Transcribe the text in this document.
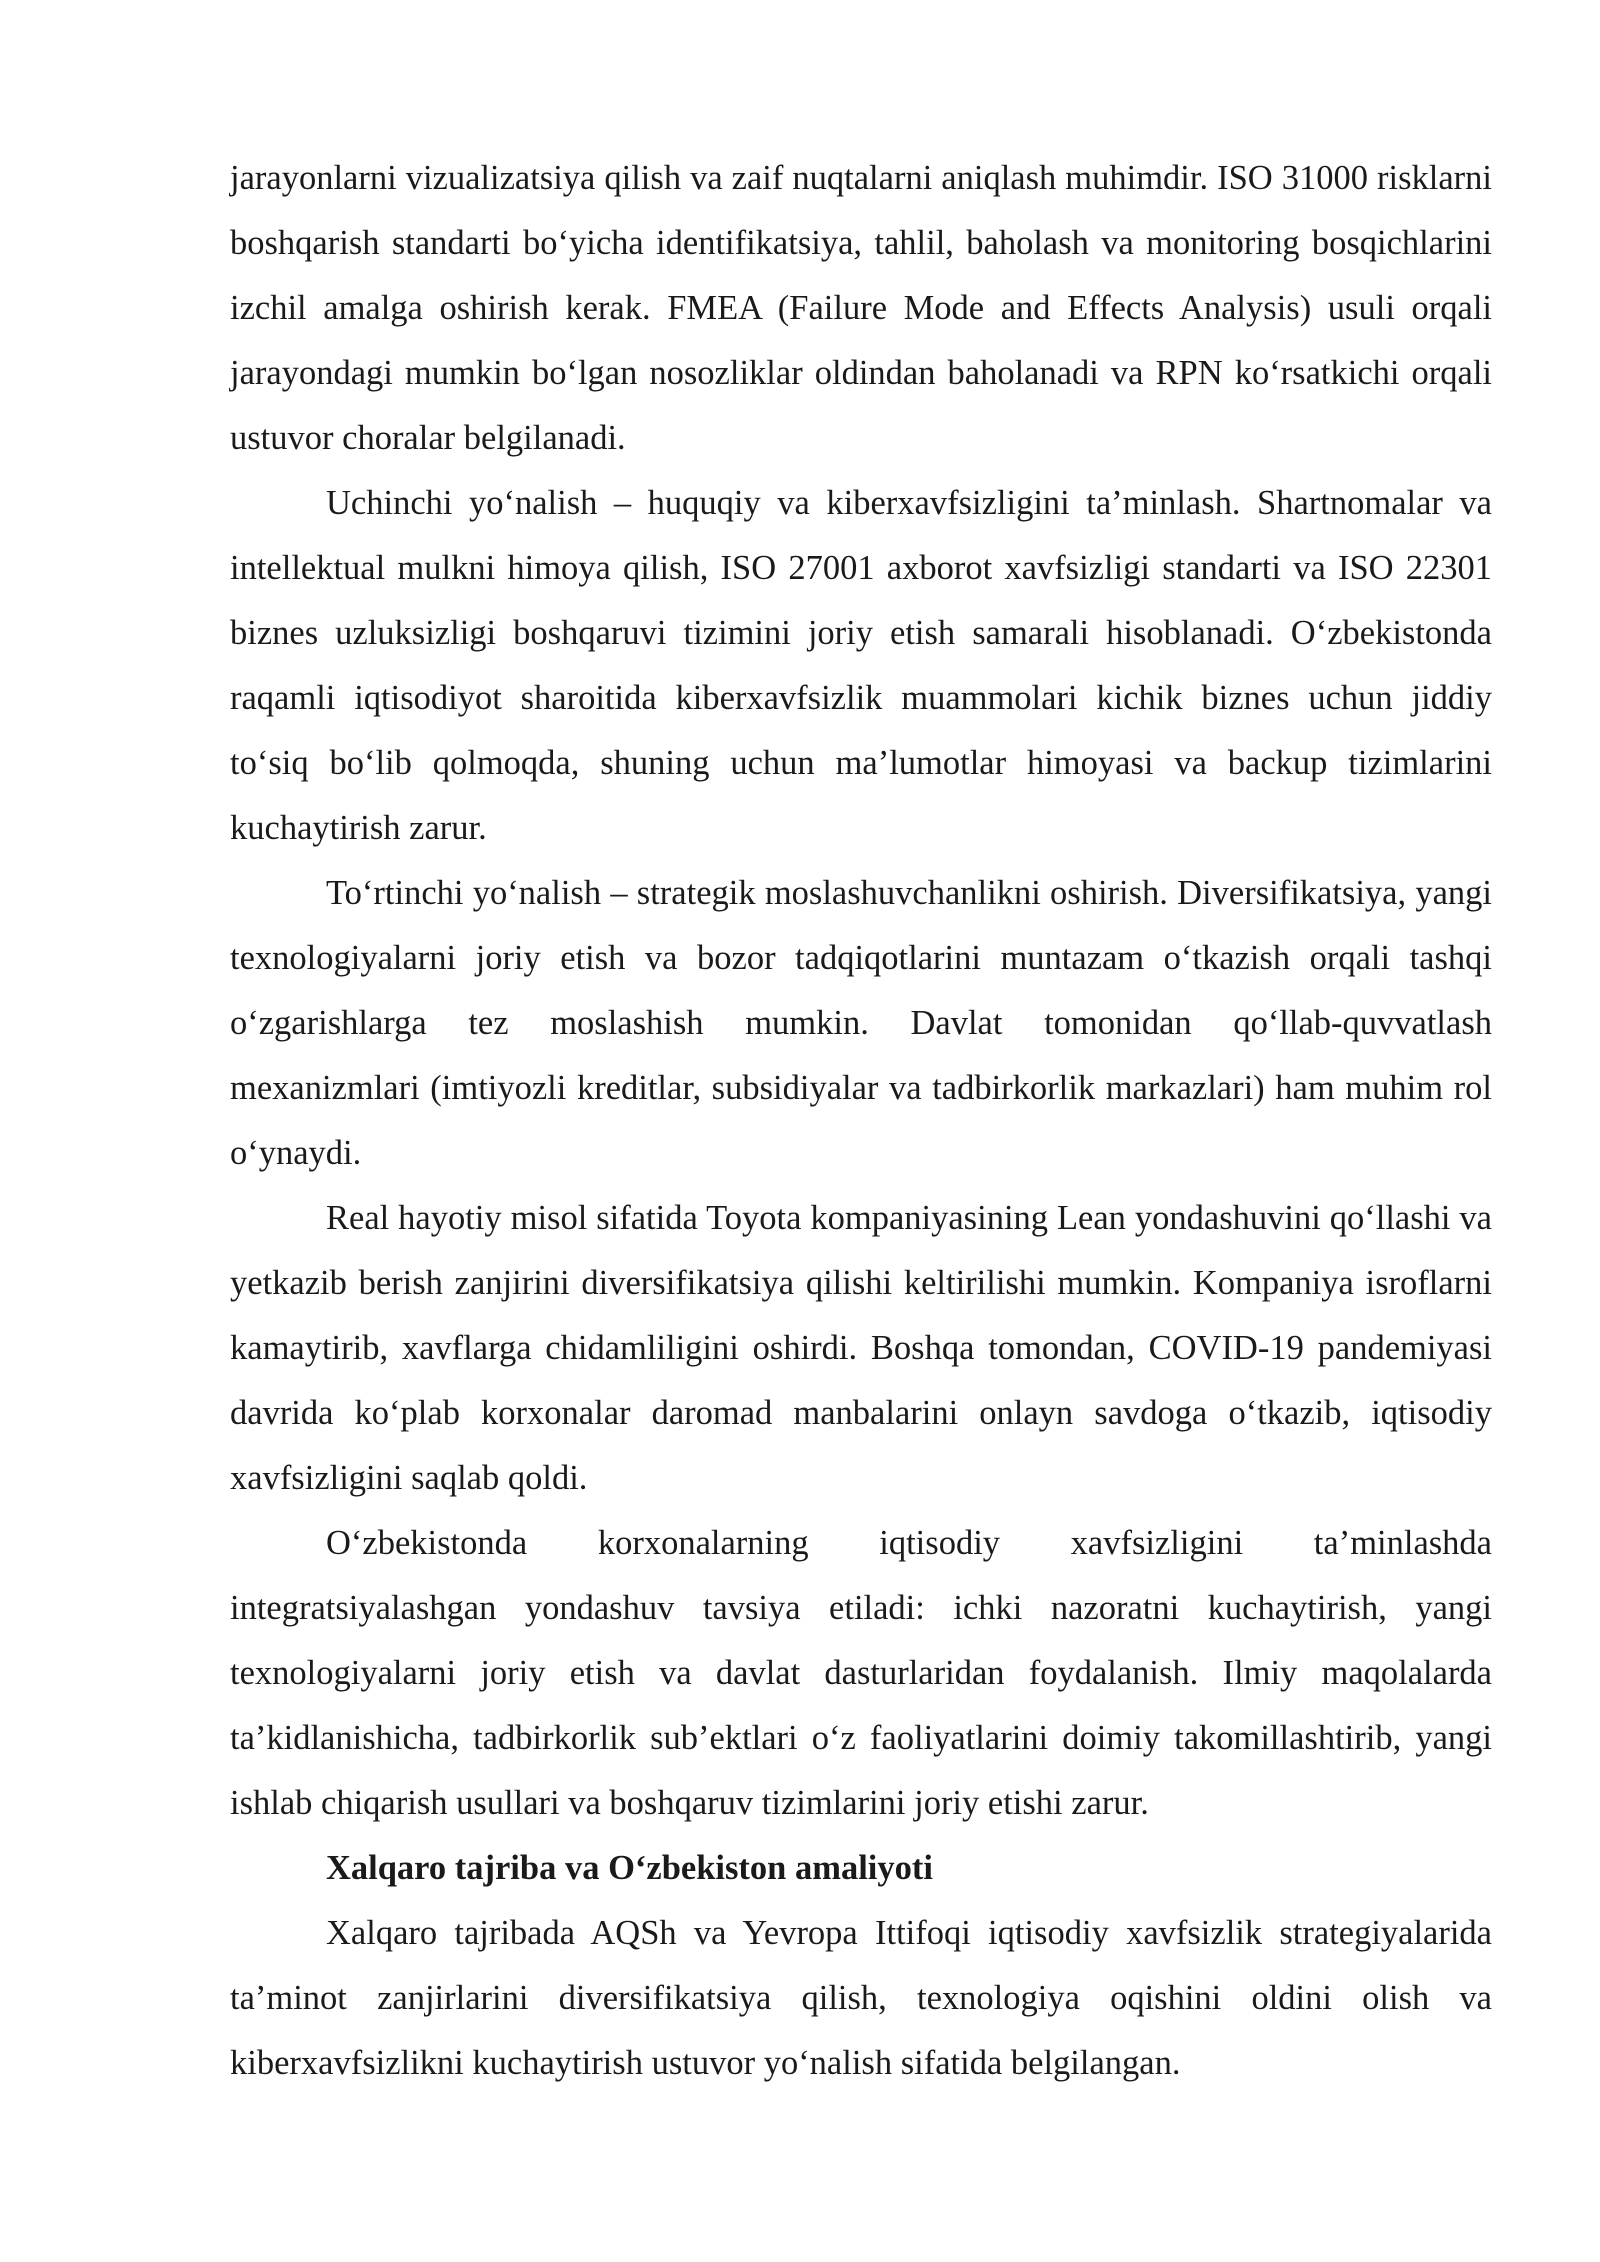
jarayonlarni vizualizatsiya qilish va zaif nuqtalarni aniqlash muhimdir. ISO 31000 risklarni boshqarish standarti bo‘yicha identifikatsiya, tahlil, baholash va monitoring bosqichlarini izchil amalga oshirish kerak. FMEA (Failure Mode and Effects Analysis) usuli orqali jarayondagi mumkin bo‘lgan nosozliklar oldindan baholanadi va RPN ko‘rsatkichi orqali ustuvor choralar belgilanadi.

Uchinchi yo‘nalish – huquqiy va kiberxavfsizligini ta’minlash. Shartnomalar va intellektual mulkni himoya qilish, ISO 27001 axborot xavfsizligi standarti va ISO 22301 biznes uzluksizligi boshqaruvi tizimini joriy etish samarali hisoblanadi. O‘zbekistonda raqamli iqtisodiyot sharoitida kiberxavfsizlik muammolari kichik biznes uchun jiddiy to‘siq bo‘lib qolmoqda, shuning uchun ma’lumotlar himoyasi va backup tizimlarini kuchaytirish zarur.

To‘rtinchi yo‘nalish – strategik moslashuvchanlikni oshirish. Diversifikatsiya, yangi texnologiyalarni joriy etish va bozor tadqiqotlarini muntazam o‘tkazish orqali tashqi o‘zgarishlarga tez moslashish mumkin. Davlat tomonidan qo‘llab-quvvatlash mexanizmlari (imtiyozli kreditlar, subsidiyalar va tadbirkorlik markazlari) ham muhim rol o‘ynaydi.

Real hayotiy misol sifatida Toyota kompaniyasining Lean yondashuvini qo‘llashi va yetkazib berish zanjirini diversifikatsiya qilishi keltirilishi mumkin. Kompaniya isroflarni kamaytirib, xavflarga chidamliligini oshirdi. Boshqa tomondan, COVID-19 pandemiyasi davrida ko‘plab korxonalar daromad manbalarini onlayn savdoga o‘tkazib, iqtisodiy xavfsizligini saqlab qoldi.

O‘zbekistonda korxonalarning iqtisodiy xavfsizligini ta’minlashda integratsiyalashgan yondashuv tavsiya etiladi: ichki nazoratni kuchaytirish, yangi texnologiyalarni joriy etish va davlat dasturlaridan foydalanish. Ilmiy maqolalarda ta’kidlanishicha, tadbirkorlik sub’ektlari o‘z faoliyatlarini doimiy takomillashtirib, yangi ishlab chiqarish usullari va boshqaruv tizimlarini joriy etishi zarur.

Xalqaro tajriba va O‘zbekiston amaliyoti

Xalqaro tajribada AQSh va Yevropa Ittifoqi iqtisodiy xavfsizlik strategiyalarida ta’minot zanjirlarini diversifikatsiya qilish, texnologiya oqishini oldini olish va kiberxavfsizlikni kuchaytirish ustuvor yo‘nalish sifatida belgilangan.
